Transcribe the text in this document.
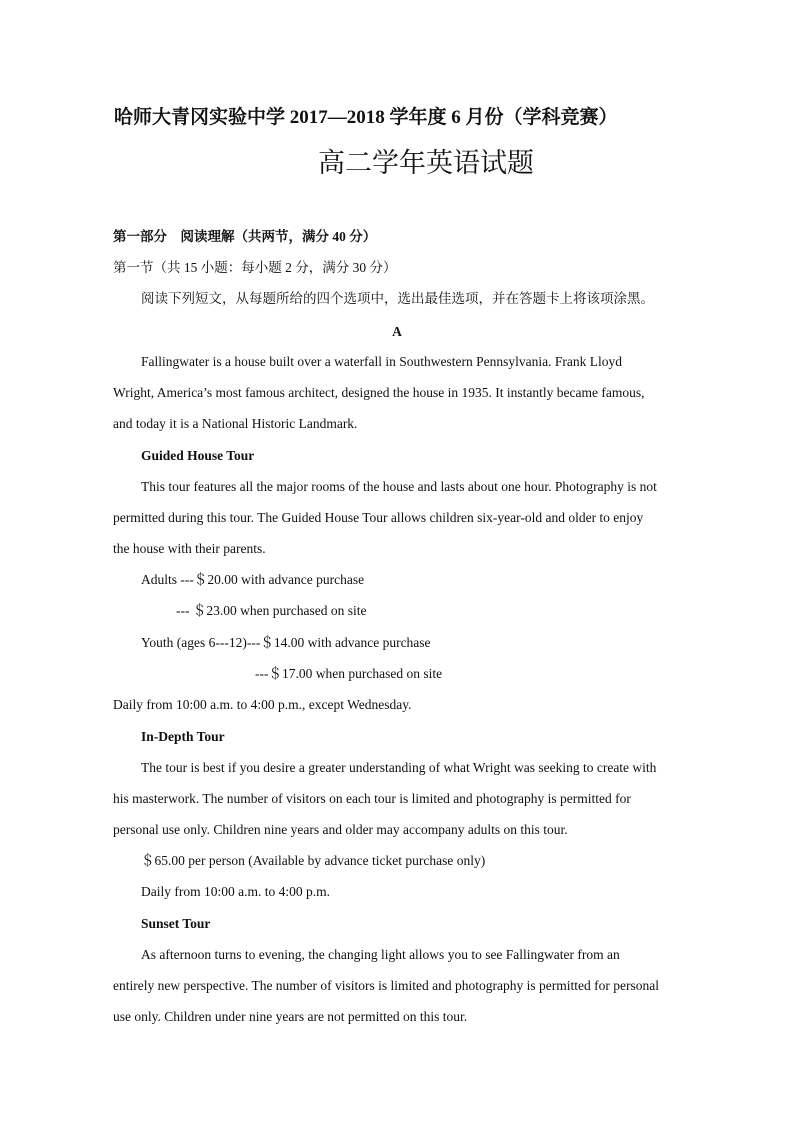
哈师大青冈实验中学 2017—2018 学年度 6 月份（学科竞赛）
高二学年英语试题
第一部分　阅读理解（共两节，满分 40 分）
第一节（共 15 小题：每小题 2 分，满分 30 分）
阅读下列短文，从每题所给的四个选项中，选出最佳选项，并在答题卡上将该项涂黑。
A
Fallingwater is a house built over a waterfall in Southwestern Pennsylvania. Frank Lloyd
Wright, America’s most famous architect, designed the house in 1935. It instantly became famous,
and today it is a National Historic Landmark.
Guided House Tour
This tour features all the major rooms of the house and lasts about one hour. Photography is not
permitted during this tour. The Guided House Tour allows children six-year-old and older to enjoy
the house with their parents.
Adults ---＄20.00 with advance purchase
--- ＄23.00 when purchased on site
Youth (ages 6---12)---＄14.00 with advance purchase
---＄17.00 when purchased on site
Daily from 10:00 a.m. to 4:00 p.m., except Wednesday.
In-Depth Tour
The tour is best if you desire a greater understanding of what Wright was seeking to create with
his masterwork. The number of visitors on each tour is limited and photography is permitted for
personal use only. Children nine years and older may accompany adults on this tour.
＄65.00 per person (Available by advance ticket purchase only)
Daily from 10:00 a.m. to 4:00 p.m.
Sunset Tour
As afternoon turns to evening, the changing light allows you to see Fallingwater from an
entirely new perspective. The number of visitors is limited and photography is permitted for personal
use only. Children under nine years are not permitted on this tour.
